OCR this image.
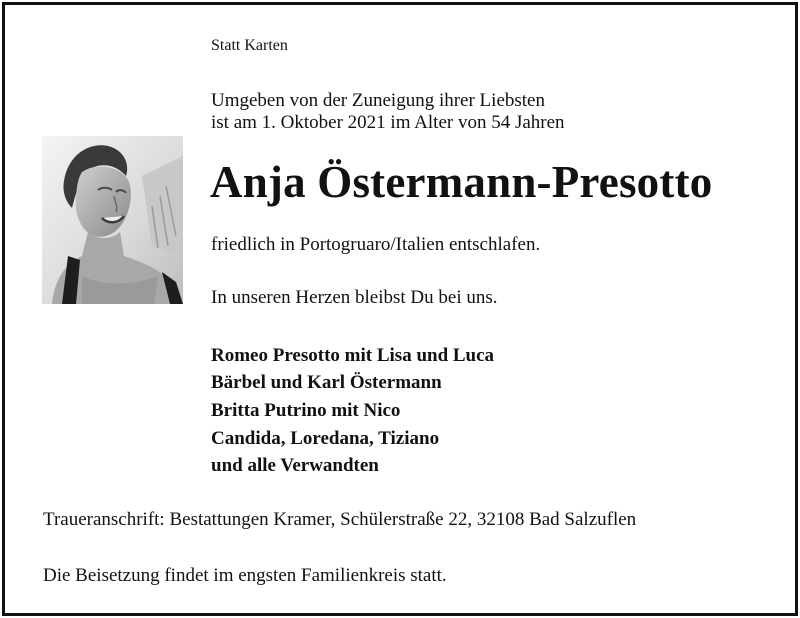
Statt Karten
Umgeben von der Zuneigung ihrer Liebsten
ist am 1. Oktober 2021 im Alter von 54 Jahren
Anja Östermann-Presotto
friedlich in Portogruaro/Italien entschlafen.
In unseren Herzen bleibst Du bei uns.
Romeo Presotto mit Lisa und Luca
Bärbel und Karl Östermann
Britta Putrino mit Nico
Candida, Loredana, Tiziano
und alle Verwandten
Traueranschrift: Bestattungen Kramer, Schülerstraße 22, 32108 Bad Salzuflen
Die Beisetzung findet im engsten Familienkreis statt.
